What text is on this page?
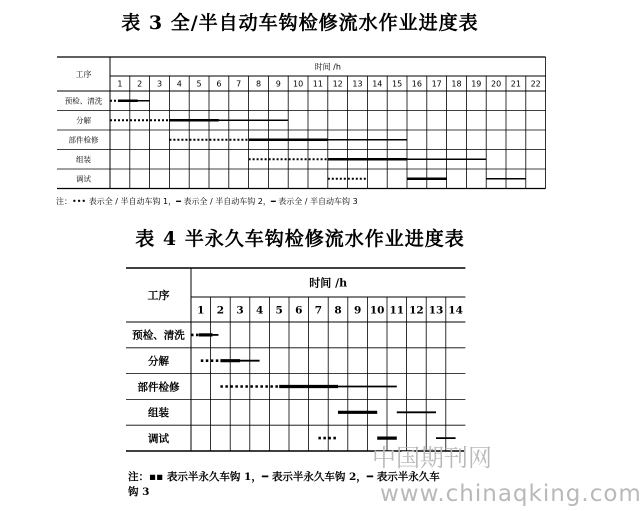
表 3 全/半自动车钩检修流水作业进度表
表 4 半永久车钩检修流水作业进度表
工序
时间 /h
1 2 3 4 5 6 7 8 9 10 11 12 13 14 15 16 17 18 19 20 21 22
预检、清洗
分解
部件检修
组装
调试
工序
时间 /h
1 2 3 4 5 6 7 8 9 10 11 12 13 14
预检、清洗
分解
部件检修
组装
调试
注：••• 表示全 / 半自动车钩 1，━ 表示全 / 半自动车钩 2，━ 表示全 / 半自动车钩 3
注：▪▪ 表示半永久车钩 1，━ 表示半永久车钩 2，━ 表示半永久车
钩 3
中国期刊网
www.chinaqking.com
